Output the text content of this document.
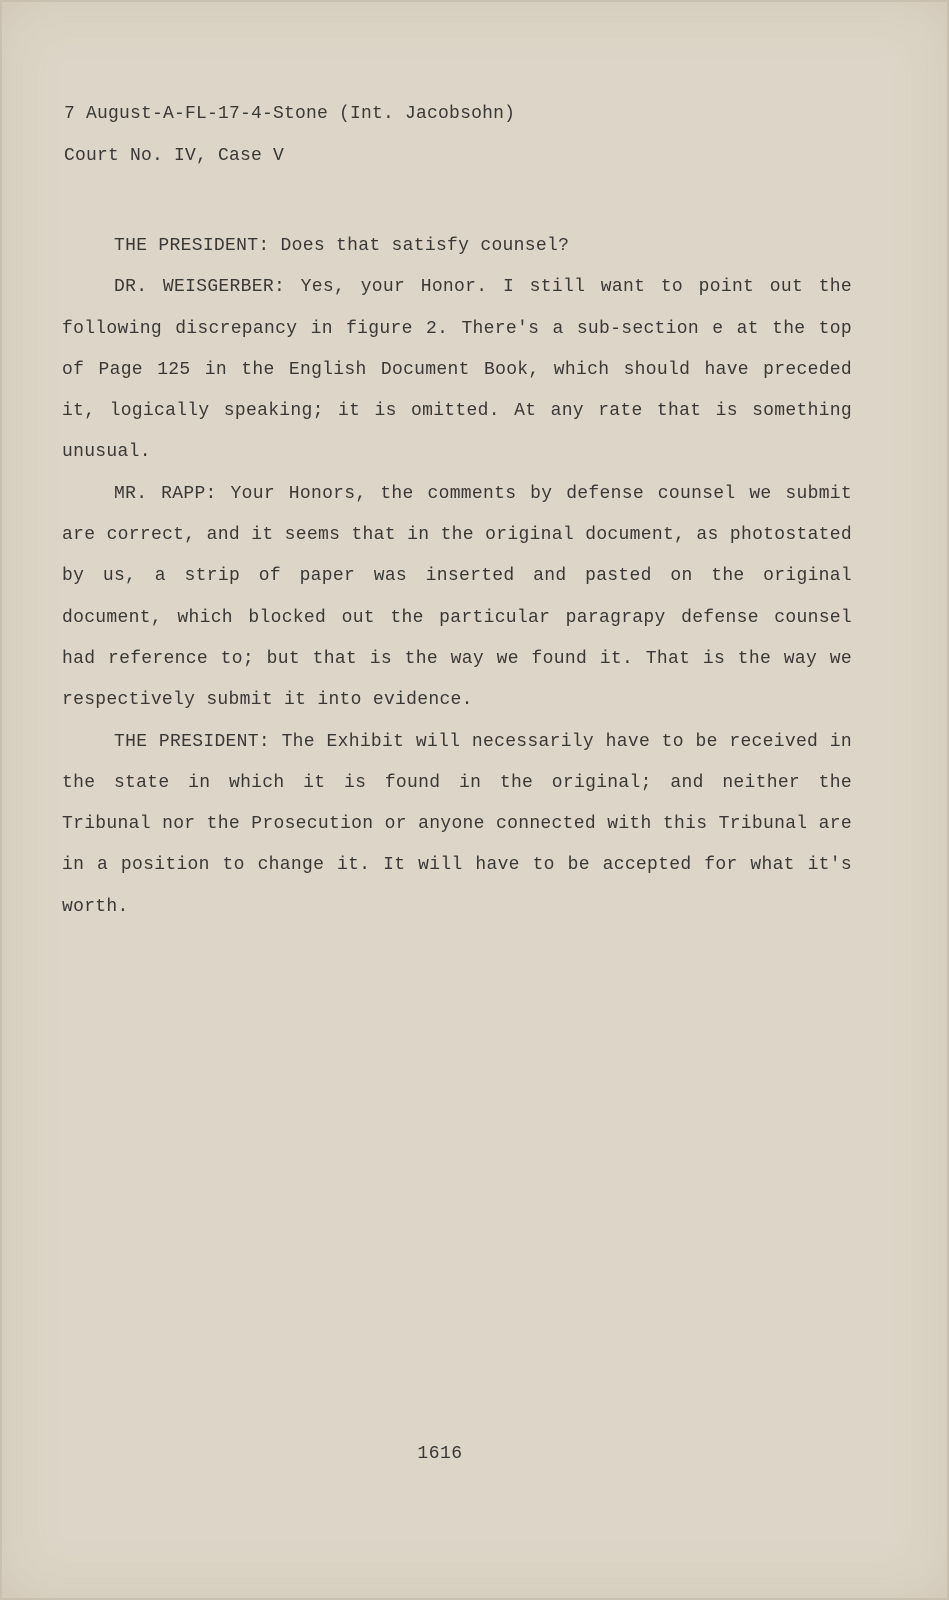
7 August-A-FL-17-4-Stone (Int. Jacobsohn)

Court No. IV, Case V

THE PRESIDENT: Does that satisfy counsel?

DR. WEISGERBER: Yes, your Honor. I still want to point out the following discrepancy in figure 2. There's a sub-section e at the top of Page 125 in the English Document Book, which should have preceded it, logically speaking; it is omitted. At any rate that is something unusual.

MR. RAPP: Your Honors, the comments by defense counsel we submit are correct, and it seems that in the original document, as photostated by us, a strip of paper was inserted and pasted on the original document, which blocked out the particular paragrapy defense counsel had reference to; but that is the way we found it. That is the way we respectively submit it into evidence.

THE PRESIDENT: The Exhibit will necessarily have to be received in the state in which it is found in the original; and neither the Tribunal nor the Prosecution or anyone connected with this Tribunal are in a position to change it. It will have to be accepted for what it's worth.

1616
